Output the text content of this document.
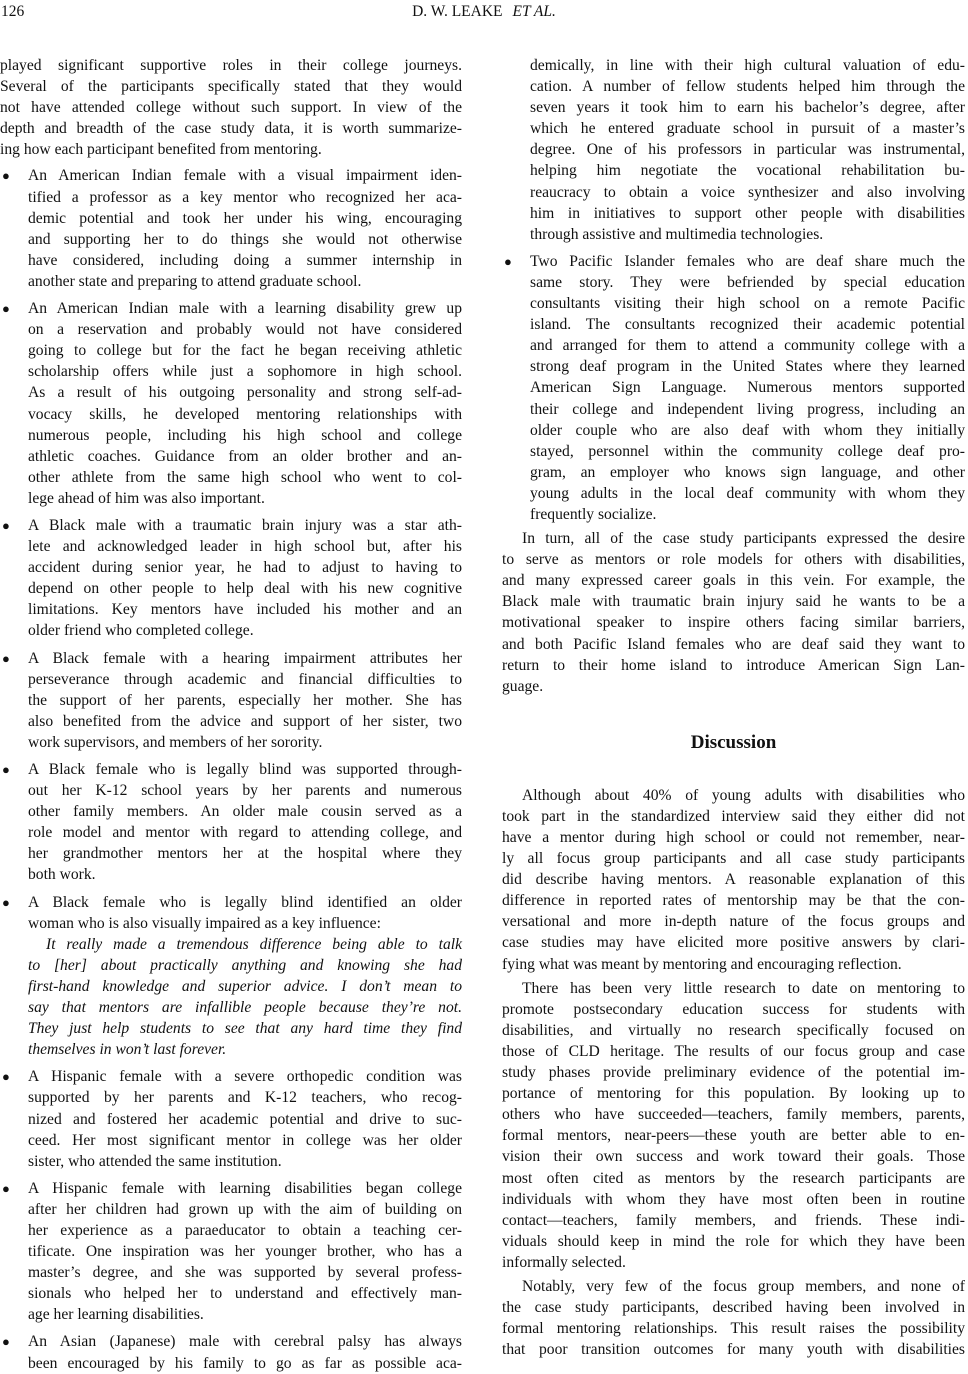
126	D. W. LEAKE ET AL.
played significant supportive roles in their college journeys.
Several of the participants specifically stated that they would
not have attended college without such support. In view of the
depth and breadth of the case study data, it is worth summarize-
ing how each participant benefited from mentoring.
● An American Indian female with a visual impairment iden-
tified a professor as a key mentor who recognized her aca-
demic potential and took her under his wing, encouraging
and supporting her to do things she would not otherwise
have considered, including doing a summer internship in
another state and preparing to attend graduate school.
● An American Indian male with a learning disability grew up
on a reservation and probably would not have considered
going to college but for the fact he began receiving athletic
scholarship offers while just a sophomore in high school.
As a result of his outgoing personality and strong self-ad-
vocacy skills, he developed mentoring relationships with
numerous people, including his high school and college
athletic coaches. Guidance from an older brother and an-
other athlete from the same high school who went to col-
lege ahead of him was also important.
● A Black male with a traumatic brain injury was a star ath-
lete and acknowledged leader in high school but, after his
accident during senior year, he had to adjust to having to
depend on other people to help deal with his new cognitive
limitations. Key mentors have included his mother and an
older friend who completed college.
● A Black female with a hearing impairment attributes her
perseverance through academic and financial difficulties to
the support of her parents, especially her mother. She has
also benefited from the advice and support of her sister, two
work supervisors, and members of her sorority.
● A Black female who is legally blind was supported through-
out her K-12 school years by her parents and numerous
other family members. An older male cousin served as a
role model and mentor with regard to attending college, and
her grandmother mentors her at the hospital where they
both work.
● A Black female who is legally blind identified an older
woman who is also visually impaired as a key influence:
It really made a tremendous difference being able to talk
to [her] about practically anything and knowing she had
first-hand knowledge and superior advice. I don’t mean to
say that mentors are infallible people because they’re not.
They just help students to see that any hard time they find
themselves in won’t last forever.
● A Hispanic female with a severe orthopedic condition was
supported by her parents and K-12 teachers, who recog-
nized and fostered her academic potential and drive to suc-
ceed. Her most significant mentor in college was her older
sister, who attended the same institution.
● A Hispanic female with learning disabilities began college
after her children had grown up with the aim of building on
her experience as a paraeducator to obtain a teaching cer-
tificate. One inspiration was her younger brother, who has a
master’s degree, and she was supported by several profess-
sionals who helped her to understand and effectively man-
age her learning disabilities.
● An Asian (Japanese) male with cerebral palsy has always
been encouraged by his family to go as far as possible aca-
demically, in line with their high cultural valuation of edu-
cation. A number of fellow students helped him through the
seven years it took him to earn his bachelor’s degree, after
which he entered graduate school in pursuit of a master’s
degree. One of his professors in particular was instrumental,
helping him negotiate the vocational rehabilitation bu-
reaucracy to obtain a voice synthesizer and also involving
him in initiatives to support other people with disabilities
through assistive and multimedia technologies.
● Two Pacific Islander females who are deaf share much the
same story. They were befriended by special education
consultants visiting their high school on a remote Pacific
island. The consultants recognized their academic potential
and arranged for them to attend a community college with a
strong deaf program in the United States where they learned
American Sign Language. Numerous mentors supported
their college and independent living progress, including an
older couple who are also deaf with whom they initially
stayed, personnel within the community college deaf pro-
gram, an employer who knows sign language, and other
young adults in the local deaf community with whom they
frequently socialize.
In turn, all of the case study participants expressed the desire
to serve as mentors or role models for others with disabilities,
and many expressed career goals in this vein. For example, the
Black male with traumatic brain injury said he wants to be a
motivational speaker to inspire others facing similar barriers,
and both Pacific Island females who are deaf said they want to
return to their home island to introduce American Sign Lan-
guage.
Discussion
Although about 40% of young adults with disabilities who
took part in the standardized interview said they either did not
have a mentor during high school or could not remember, near-
ly all focus group participants and all case study participants
did describe having mentors. A reasonable explanation of this
difference in reported rates of mentorship may be that the con-
versational and more in-depth nature of the focus groups and
case studies may have elicited more positive answers by clari-
fying what was meant by mentoring and encouraging reflection.
There has been very little research to date on mentoring to
promote postsecondary education success for students with
disabilities, and virtually no research specifically focused on
those of CLD heritage. The results of our focus group and case
study phases provide preliminary evidence of the potential im-
portance of mentoring for this population. By looking up to
others who have succeeded—teachers, family members, parents,
formal mentors, near-peers—these youth are better able to en-
vision their own success and work toward their goals. Those
most often cited as mentors by the research participants are
individuals with whom they have most often been in routine
contact—teachers, family members, and friends. These indi-
viduals should keep in mind the role for which they have been
informally selected.
Notably, very few of the focus group members, and none of
the case study participants, described having been involved in
formal mentoring relationships. This result raises the possibility
that poor transition outcomes for many youth with disabilities
